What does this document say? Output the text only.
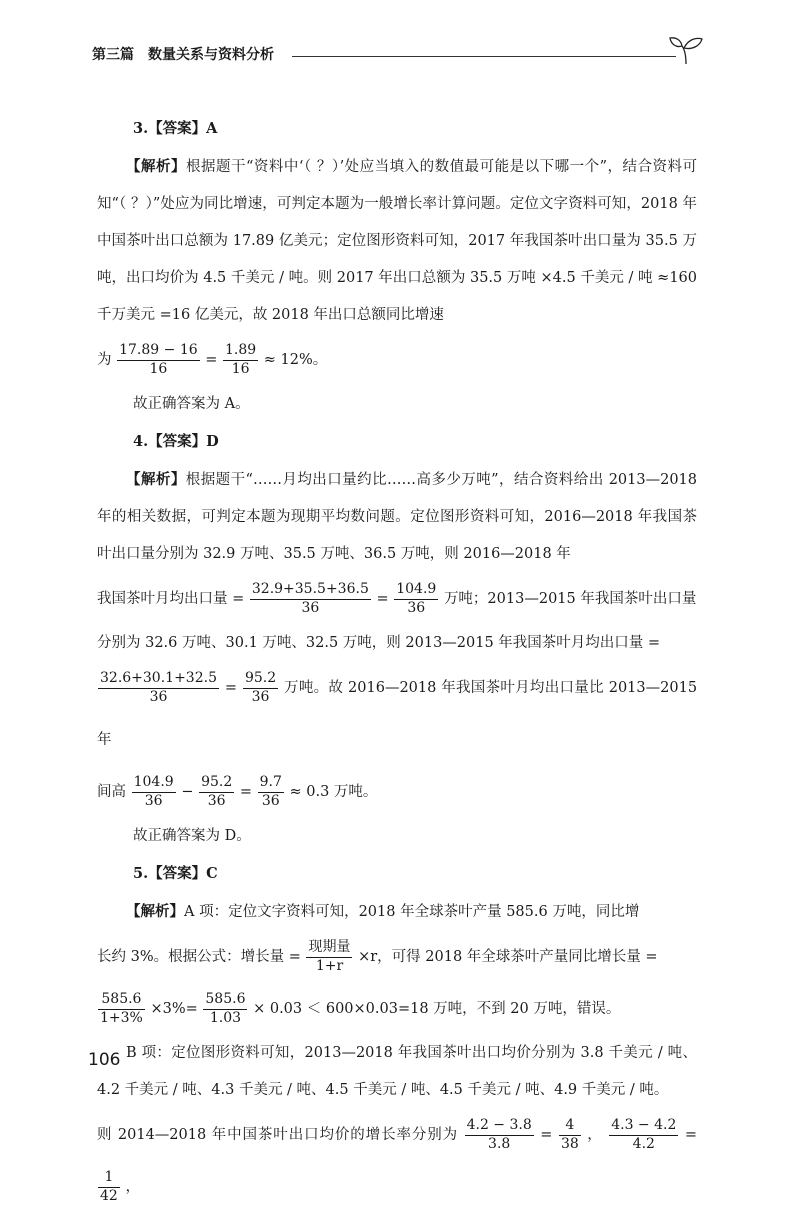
第三篇　数量关系与资料分析

3.【答案】A

【解析】根据题干“资料中‘（ ？）’处应当填入的数值最可能是以下哪一个”，结合资料可知“（ ？）”处应为同比增速，可判定本题为一般增长率计算问题。定位文字资料可知，2018 年中国茶叶出口总额为 17.89 亿美元；定位图形资料可知，2017 年我国茶叶出口量为 35.5 万吨，出口均价为 4.5 千美元 / 吨。则 2017 年出口总额为 35.5 万吨 ×4.5 千美元 / 吨 ≈160 千万美元 =16 亿美元，故 2018 年出口总额同比增速

为 $\frac{17.89 - 16}{16} = \frac{1.89}{16} \approx 12\%$。

故正确答案为 A。

4.【答案】D

【解析】根据题干“……月均出口量约比……高多少万吨”，结合资料给出 2013—2018 年的相关数据，可判定本题为现期平均数问题。定位图形资料可知，2016—2018 年我国茶叶出口量分别为 32.9 万吨、35.5 万吨、36.5 万吨，则 2016—2018 年

我国茶叶月均出口量 = $\frac{32.9+35.5+36.5}{36} = \frac{104.9}{36}$ 万吨；2013—2015 年我国茶叶出口量

分别为 32.6 万吨、30.1 万吨、32.5 万吨，则 2013—2015 年我国茶叶月均出口量 =

$\frac{32.6+30.1+32.5}{36} = \frac{95.2}{36}$ 万吨。故 2016—2018 年我国茶叶月均出口量比 2013—2015 年

间高 $\frac{104.9}{36} - \frac{95.2}{36} = \frac{9.7}{36} \approx 0.3$ 万吨。

故正确答案为 D。

5.【答案】C

【解析】A 项：定位文字资料可知，2018 年全球茶叶产量 585.6 万吨，同比增

长约 3%。根据公式：增长量 = $\frac{\text{现期量}}{1+r} \times r$，可得 2018 年全球茶叶产量同比增长量 =

$\frac{585.6}{1+3\%} \times 3\%= \frac{585.6}{1.03} \times 0.03 < 600\times 0.03=18$ 万吨，不到 20 万吨，错误。

B 项：定位图形资料可知，2013—2018 年我国茶叶出口均价分别为 3.8 千美元 / 吨、4.2 千美元 / 吨、4.3 千美元 / 吨、4.5 千美元 / 吨、4.5 千美元 / 吨、4.9 千美元 / 吨。

则 2014—2018 年中国茶叶出口均价的增长率分别为 $\frac{4.2 - 3.8}{3.8} = \frac{4}{38}$ ， $\frac{4.3 - 4.2}{4.2}$ =
$\frac{1}{42}$ ，

106
